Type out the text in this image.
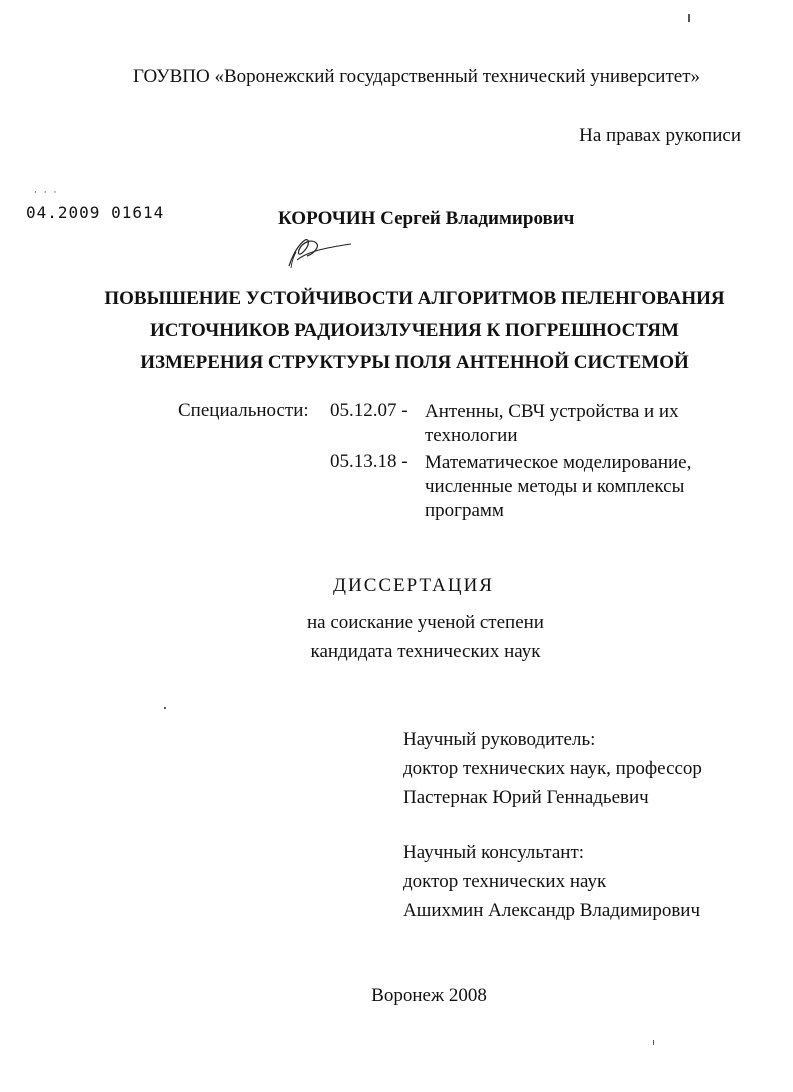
ГОУВПО «Воронежский государственный технический университет»
На правах рукописи
· · ·
04.2009 01614	КОРОЧИН Сергей Владимирович
ПОВЫШЕНИЕ УСТОЙЧИВОСТИ АЛГОРИТМОВ ПЕЛЕНГОВАНИЯ
ИСТОЧНИКОВ РАДИОИЗЛУЧЕНИЯ К ПОГРЕШНОСТЯМ
ИЗМЕРЕНИЯ СТРУКТУРЫ ПОЛЯ АНТЕННОЙ СИСТЕМОЙ
Специальности: 05.12.07 - Антенны, СВЧ устройства и их
технологии
05.13.18 - Математическое моделирование,
численные методы и комплексы
программ
ДИССЕРТАЦИЯ
на соискание ученой степени
кандидата технических наук
Научный руководитель:
доктор технических наук, профессор
Пастернак Юрий Геннадьевич
Научный консультант:
доктор технических наук
Ашихмин Александр Владимирович
Воронеж 2008
